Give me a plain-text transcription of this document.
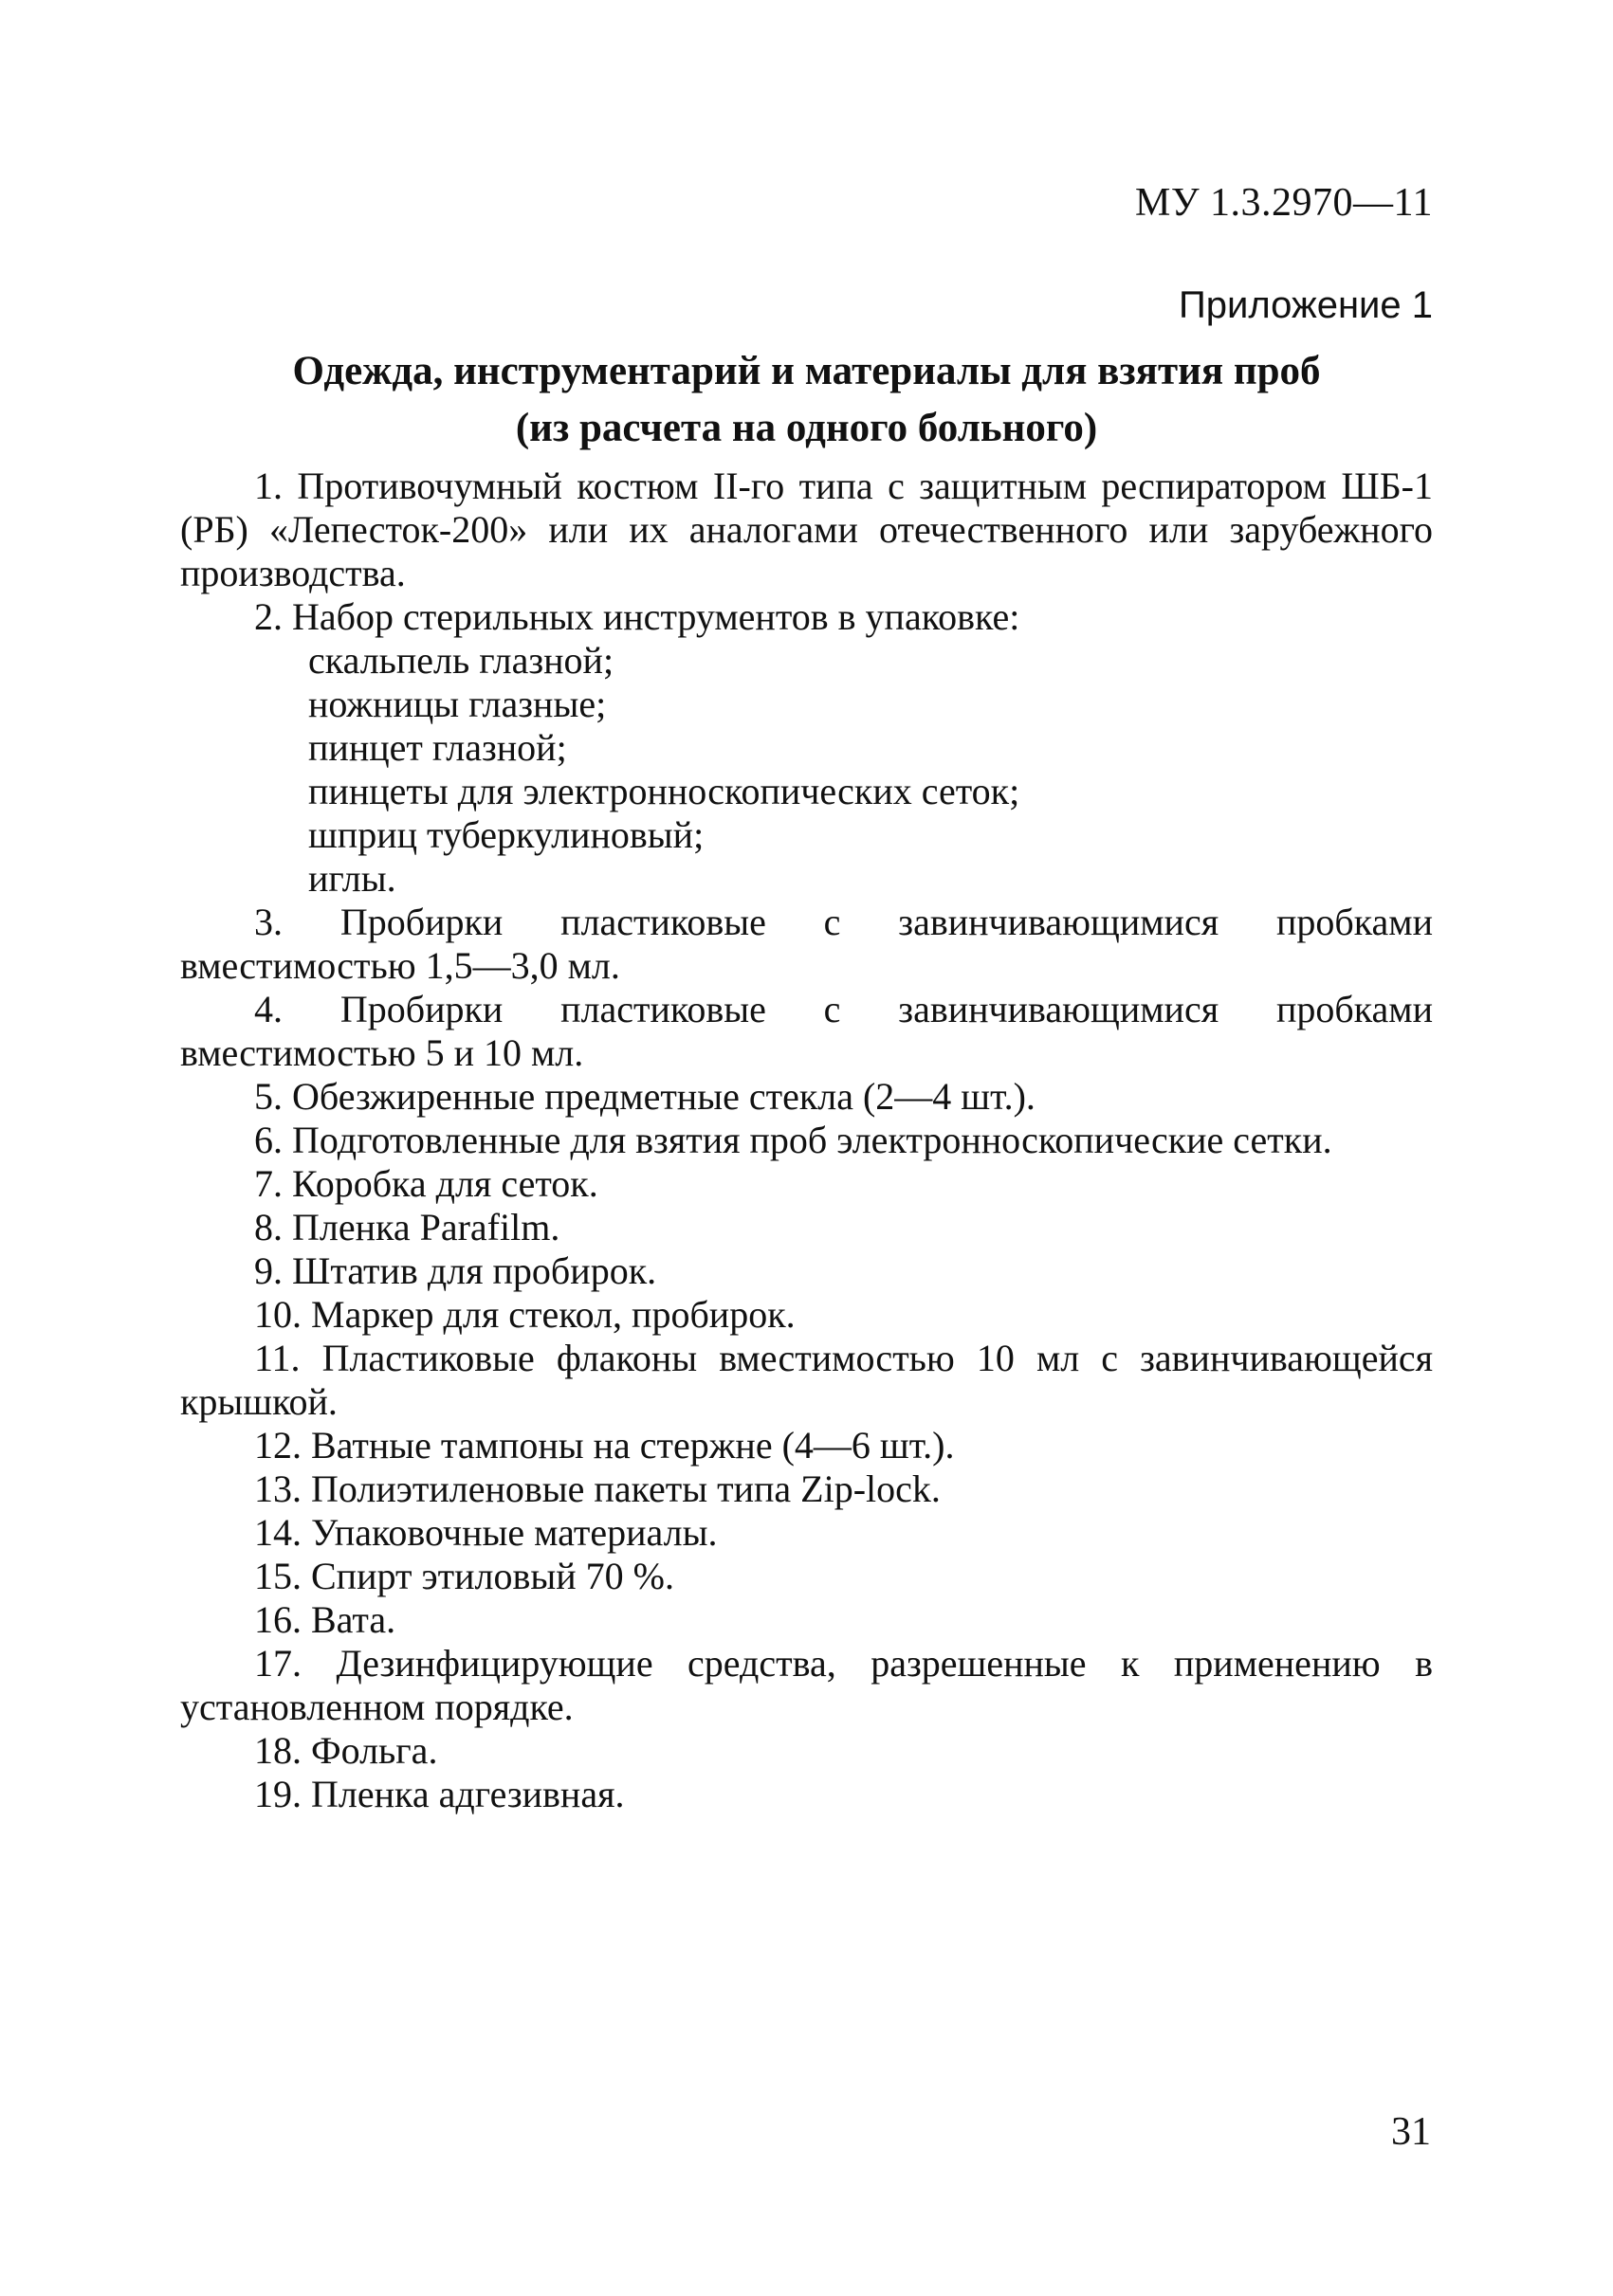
МУ 1.3.2970—11
Приложение 1
Одежда, инструментарий и материалы для взятия проб
(из расчета на одного больного)

1. Противочумный костюм II-го типа с защитным респиратором ШБ-1 (РБ) «Лепесток-200» или их аналогами отечественного или зарубежного производства.

2. Набор стерильных инструментов в упаковке:

скальпель глазной;
ножницы глазные;
пинцет глазной;
пинцеты для электронноскопических сеток;
шприц туберкулиновый;
иглы.

3. Пробирки пластиковые с завинчивающимися пробками вместимостью 1,5—3,0 мл.

4. Пробирки пластиковые с завинчивающимися пробками вместимостью 5 и 10 мл.

5. Обезжиренные предметные стекла (2—4 шт.).

6. Подготовленные для взятия проб электронноскопические сетки.

7. Коробка для сеток.

8. Пленка Parafilm.

9. Штатив для пробирок.

10. Маркер для стекол, пробирок.

11. Пластиковые флаконы вместимостью 10 мл с завинчивающейся крышкой.

12. Ватные тампоны на стержне (4—6 шт.).

13. Полиэтиленовые пакеты типа Zip-lock.

14. Упаковочные материалы.

15. Спирт этиловый 70 %.

16. Вата.

17. Дезинфицирующие средства, разрешенные к применению в установленном порядке.

18. Фольга.

19. Пленка адгезивная.

31
